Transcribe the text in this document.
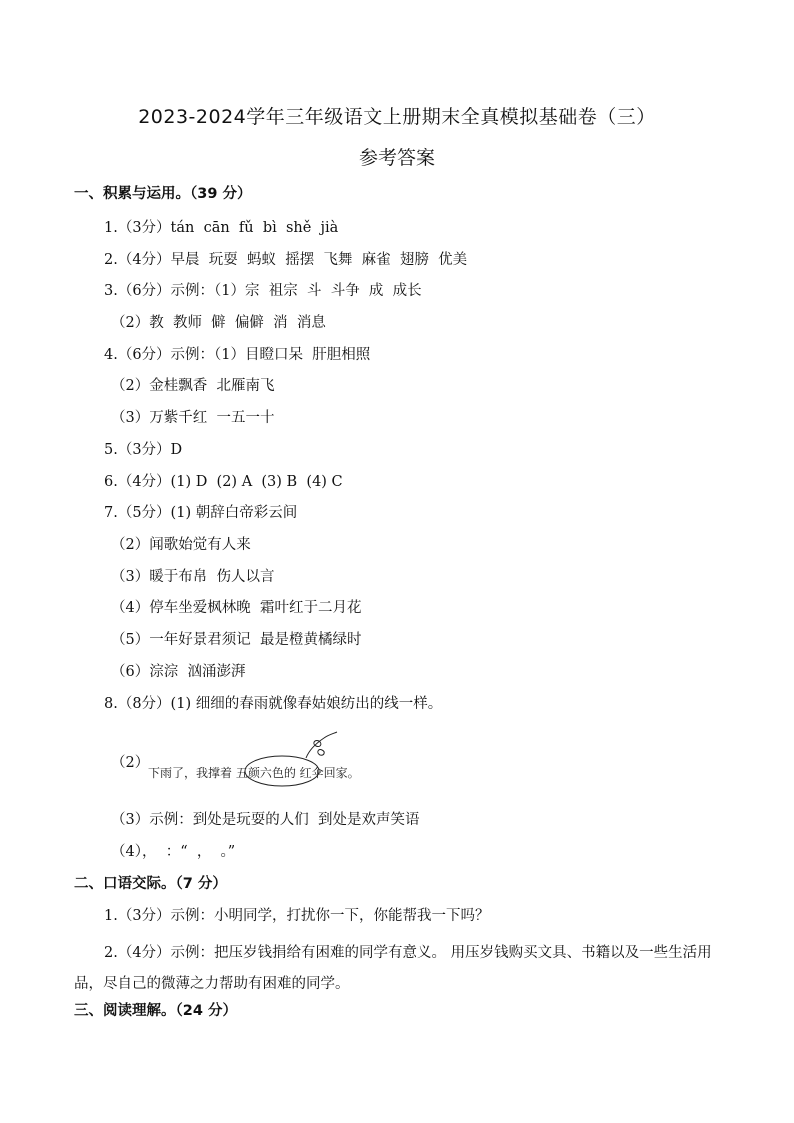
2023-2024学年三年级语文上册期末全真模拟基础卷（三）
参考答案
一、积累与运用。（39 分）
1.（3分）tán  cān  fǔ  bì  shě  jià
2.（4分）早晨  玩耍  蚂蚁  摇摆  飞舞  麻雀  翅膀  优美
3.（6分）示例：（1）宗  祖宗  斗  斗争  成  成长
（2）教  教师  僻  偏僻  消  消息
4.（6分）示例：（1）目瞪口呆  肝胆相照
（2）金桂飘香  北雁南飞
（3）万紫千红  一五一十
5.（3分）D
6.（4分）(1) D  (2) A  (3) B  (4) C
7.（5分）(1) 朝辞白帝彩云间
（2）闻歌始觉有人来
（3）暖于布帛  伤人以言
（4）停车坐爱枫林晚  霜叶红于二月花
（5）一年好景君须记  最是橙黄橘绿时
（6）淙淙  汹涌澎湃
8.（8分）(1) 细细的春雨就像春姑娘纺出的线一样。
（2）
下雨了，我撑着 五颜六色的 红伞回家。
（3）示例：到处是玩耍的人们  到处是欢声笑语
（4），  ：“  ，  。”
二、口语交际。（7 分）
1.（3分）示例：小明同学，打扰你一下，你能帮我一下吗？
2.（4分）示例：把压岁钱捐给有困难的同学有意义。 用压岁钱购买文具、书籍以及一些生活用品，尽自己的微薄之力帮助有困难的同学。
三、阅读理解。（24 分）
